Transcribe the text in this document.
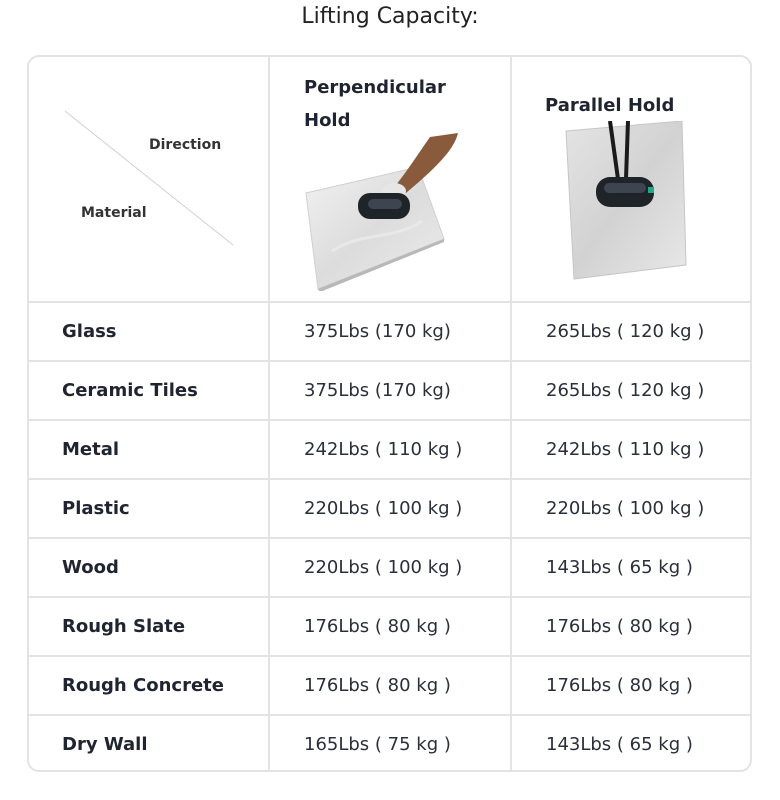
Lifting Capacity:
Direction
Material	Perpendicular Hold	Parallel Hold

Glass	375Lbs (170 kg)	265Lbs ( 120 kg )
Ceramic Tiles	375Lbs (170 kg)	265Lbs ( 120 kg )
Metal	242Lbs ( 110 kg )	242Lbs ( 110 kg )
Plastic	220Lbs ( 100 kg )	220Lbs ( 100 kg )
Wood	220Lbs ( 100 kg )	143Lbs ( 65 kg )
Rough Slate	176Lbs ( 80 kg )	176Lbs ( 80 kg )
Rough Concrete	176Lbs ( 80 kg )	176Lbs ( 80 kg )
Dry Wall	165Lbs ( 75 kg )	143Lbs ( 65 kg )
